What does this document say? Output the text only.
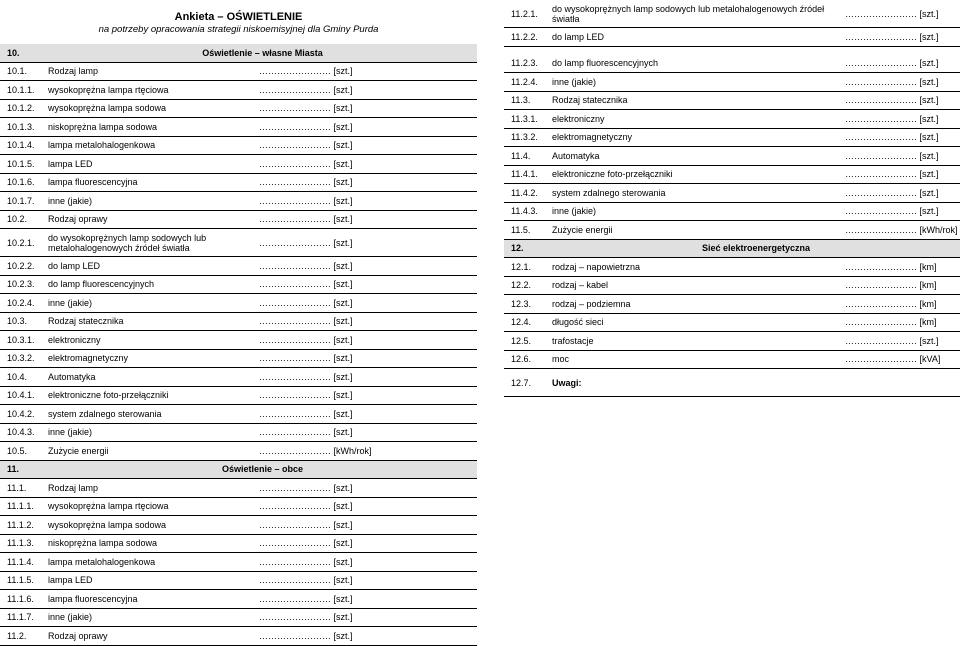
Ankieta – OŚWIETLENIE
na potrzeby opracowania strategii niskoemisyjnej dla Gminy Purda
10.	Oświetlenie – własne Miasta	
10.1.	Rodzaj lamp	…………………… [szt.]
10.1.1.	wysokoprężna lampa rtęciowa	…………………… [szt.]
10.1.2.	wysokoprężna lampa sodowa	…………………… [szt.]
10.1.3.	niskoprężna lampa sodowa	…………………… [szt.]
10.1.4.	lampa metalohalogenkowa	…………………… [szt.]
10.1.5.	lampa LED	…………………… [szt.]
10.1.6.	lampa fluorescencyjna	…………………… [szt.]
10.1.7.	inne (jakie)	…………………… [szt.]
10.2.	Rodzaj oprawy	…………………… [szt.]
10.2.1.	do wysokoprężnych lamp sodowych lub metalohalogenowych źródeł światła	…………………… [szt.]
10.2.2.	do lamp LED	…………………… [szt.]
10.2.3.	do lamp fluorescencyjnych	…………………… [szt.]
10.2.4.	inne (jakie)	…………………… [szt.]
10.3.	Rodzaj statecznika	…………………… [szt.]
10.3.1.	elektroniczny	…………………… [szt.]
10.3.2.	elektromagnetyczny	…………………… [szt.]
10.4.	Automatyka	…………………… [szt.]
10.4.1.	elektroniczne foto-przełączniki	…………………… [szt.]
10.4.2.	system zdalnego sterowania	…………………… [szt.]
10.4.3.	inne (jakie)	…………………… [szt.]
10.5.	Zużycie energii	…………………… [kWh/rok]
11.	Oświetlenie – obce	
11.1.	Rodzaj lamp	…………………… [szt.]
11.1.1.	wysokoprężna lampa rtęciowa	…………………… [szt.]
11.1.2.	wysokoprężna lampa sodowa	…………………… [szt.]
11.1.3.	niskoprężna lampa sodowa	…………………… [szt.]
11.1.4.	lampa metalohalogenkowa	…………………… [szt.]
11.1.5.	lampa LED	…………………… [szt.]
11.1.6.	lampa fluorescencyjna	…………………… [szt.]
11.1.7.	inne (jakie)	…………………… [szt.]
11.2.	Rodzaj oprawy	…………………… [szt.]
11.2.1.	do wysokoprężnych lamp sodowych lub metalohalogenowych źródeł światła	…………………… [szt.]
11.2.2.	do lamp LED	…………………… [szt.]

11.2.3.	do lamp fluorescencyjnych	…………………… [szt.]
11.2.4.	inne (jakie)	…………………… [szt.]
11.3.	Rodzaj statecznika	…………………… [szt.]
11.3.1.	elektroniczny	…………………… [szt.]
11.3.2.	elektromagnetyczny	…………………… [szt.]
11.4.	Automatyka	…………………… [szt.]
11.4.1.	elektroniczne foto-przełączniki	…………………… [szt.]
11.4.2.	system zdalnego sterowania	…………………… [szt.]
11.4.3.	inne (jakie)	…………………… [szt.]
11.5.	Zużycie energii	…………………… [kWh/rok]
12.	Sieć elektroenergetyczna	
12.1.	rodzaj – napowietrzna	…………………… [km]
12.2.	rodzaj – kabel	…………………… [km]
12.3.	rodzaj – podziemna	…………………… [km]
12.4.	długość sieci	…………………… [km]
12.5.	trafostacje	…………………… [szt.]
12.6.	moc	…………………… [kVA]
12.7.	Uwagi:	
